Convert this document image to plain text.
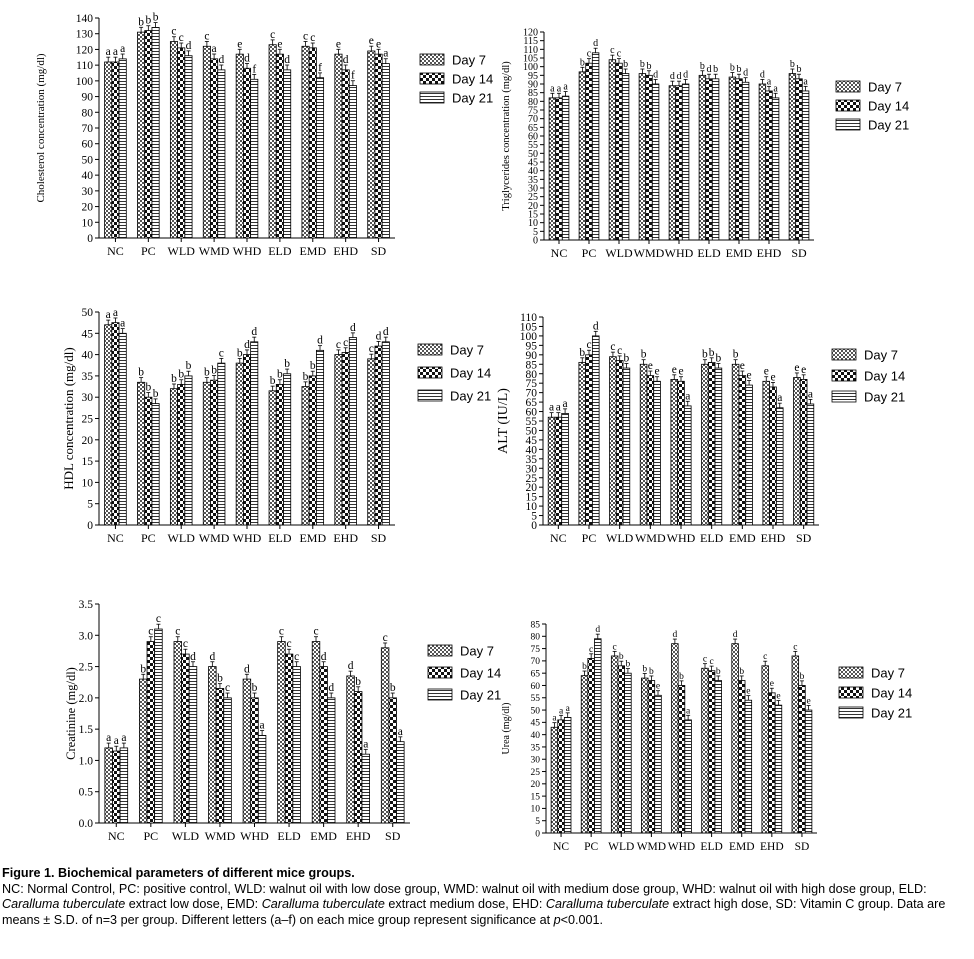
0
10
20
30
40
50
60
70
80
90
100
110
120
130
140
Cholesterol concentration (mg/dl)
a a a
NC
b b b
PC
c
c
d
WLD
c
a
d
WMD
e
d
f
WHD
c
e
d
ELD
c c
f
EMD
e
d
f
EHD
e e
a
SD
Day 7
Day 14
Day 21
0
5
10
15
20
25
30
35
40
45
50
55
60
65
70
75
80
85
90
95
100
105
110
115
120
Triglycerides concentration (mg/dl)	a a a
NC
b
c
d
PC
c c
b
WLD
b b
d
WMD
d d d
WHD
b d b
ELD
b b d
EMD
d
a
a
EHD
b b
a
SD
Day 7
Day 14
Day 21
0
5
10
15
20
25
30
35
40
45
50
HDL concentration (mg/dl)
a a
a
NC
b
b
b
PC
b b
b
WLD
b b
c
WMD
b
d
d
WHD
b
b
b
ELD
b
b
d
EMD
c c
d
EHD
c
d d
SD
Day 7
Day 14
Day 21
0
5
10
15
20
25
30
35
40
45
50
55
60
65
70
75
80
85
90
95
100
105
110
ALT (IU/L)	a a a
NC
b
c
d
PC
c c
b
WLD
b
e e
WMD
e e
a
WHD
b b b
ELD
b
e
e
EMD
e e
a
EHD
e e
a
SD
Day 7
Day 14
Day 21
0.0
0.5
1.0
1.5
2.0
2.5
3.0
3.5
Creatinine (mg/dl) a a a
NC
b
c
c
PC
c
c
d
WLD
d
b
c
WMD
d
b
a
WHD
c
c
c
ELD
c
d
d
EMD
d
b
a
EHD
c
b
a
SD
Day 7
Day 14
Day 21
0
5
10
15
20
25
30
35
40
45
50
55
60
65
70
75
80
85
Urea (mg/dl)	a
a a
NC
b
c
d
PC
c
b
b
WLD
b b
e
WMD
d
b
a
WHD
c c
b
ELD
d
b
e
EMD
c
e
e
EHD
c
b
e
SD
Day 7
Day 14
Day 21
Figure 1. Biochemical parameters of different mice groups.
NC: Normal Control, PC: positive control, WLD: walnut oil with low dose group, WMD: walnut oil with medium dose group, WHD: walnut oil with high dose group, ELD: Caralluma tuberculate extract low dose, EMD: Caralluma tuberculate extract medium dose, EHD: Caralluma tuberculate extract high dose, SD: Vitamin C group. Data are means ± S.D. of n=3 per group. Different letters (a–f) on each mice group represent significance at p<0.001.
